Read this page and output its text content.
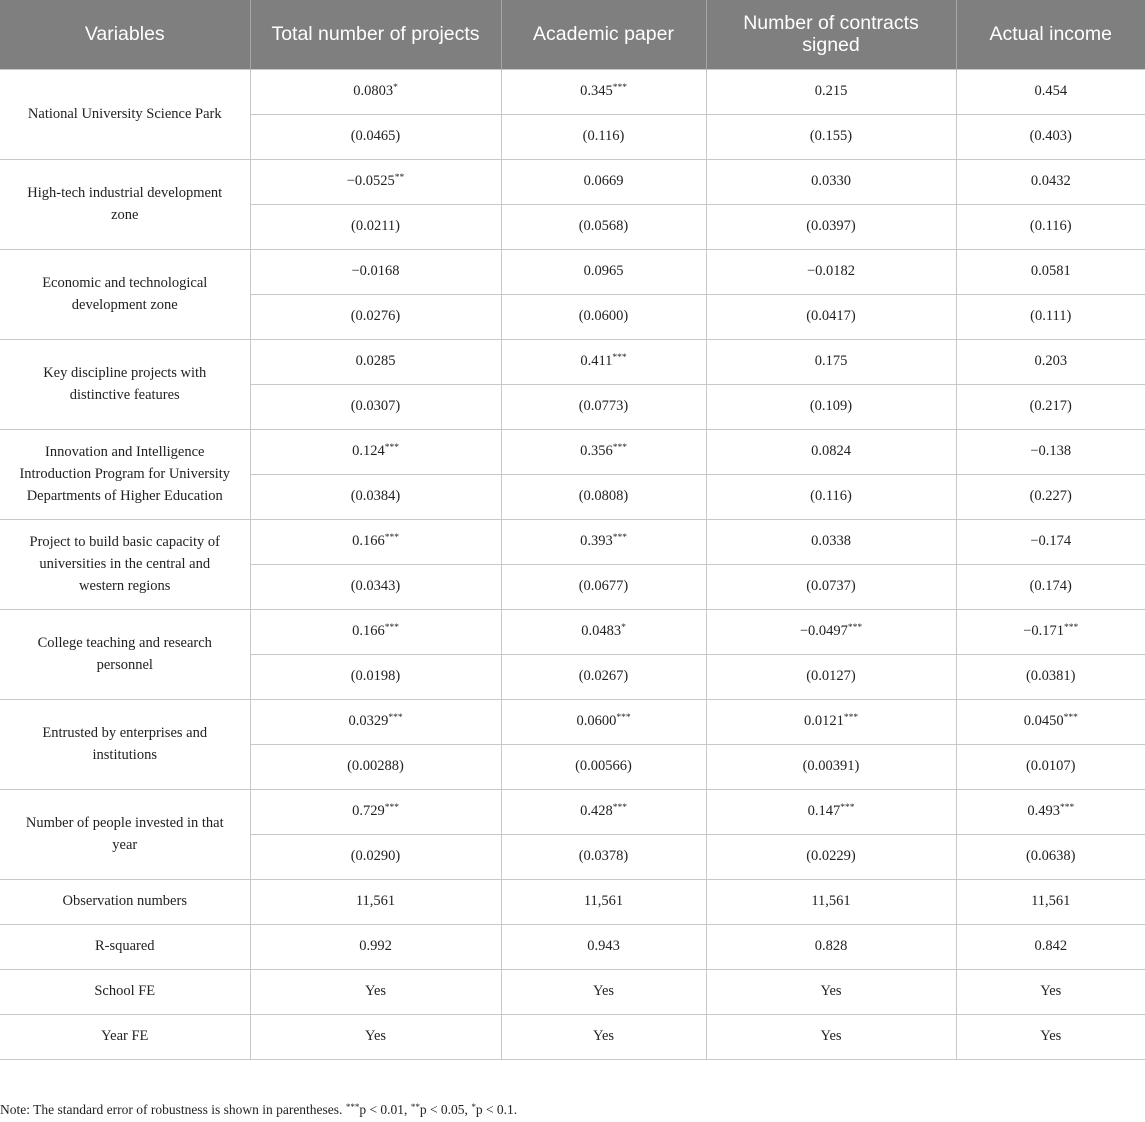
Variables	Total number of projects	Academic paper	Number of contracts signed	Actual income
National University Science Park	0.0803*	0.345***	0.215	0.454
	(0.0465)	(0.116)	(0.155)	(0.403)
High-tech industrial development zone	−0.0525**	0.0669	0.0330	0.0432
	(0.0211)	(0.0568)	(0.0397)	(0.116)
Economic and technological development zone	−0.0168	0.0965	−0.0182	0.0581
	(0.0276)	(0.0600)	(0.0417)	(0.111)
Key discipline projects with distinctive features	0.0285	0.411***	0.175	0.203
	(0.0307)	(0.0773)	(0.109)	(0.217)
Innovation and Intelligence Introduction Program for University Departments of Higher Education	0.124***	0.356***	0.0824	−0.138
	(0.0384)	(0.0808)	(0.116)	(0.227)
Project to build basic capacity of universities in the central and western regions	0.166***	0.393***	0.0338	−0.174
	(0.0343)	(0.0677)	(0.0737)	(0.174)
College teaching and research personnel	0.166***	0.0483*	−0.0497***	−0.171***
	(0.0198)	(0.0267)	(0.0127)	(0.0381)
Entrusted by enterprises and institutions	0.0329***	0.0600***	0.0121***	0.0450***
	(0.00288)	(0.00566)	(0.00391)	(0.0107)
Number of people invested in that year	0.729***	0.428***	0.147***	0.493***
	(0.0290)	(0.0378)	(0.0229)	(0.0638)
Observation numbers	11,561	11,561	11,561	11,561
R-squared	0.992	0.943	0.828	0.842
School FE	Yes	Yes	Yes	Yes
Year FE	Yes	Yes	Yes	Yes
Note: The standard error of robustness is shown in parentheses. ***p < 0.01, **p < 0.05, *p < 0.1.
